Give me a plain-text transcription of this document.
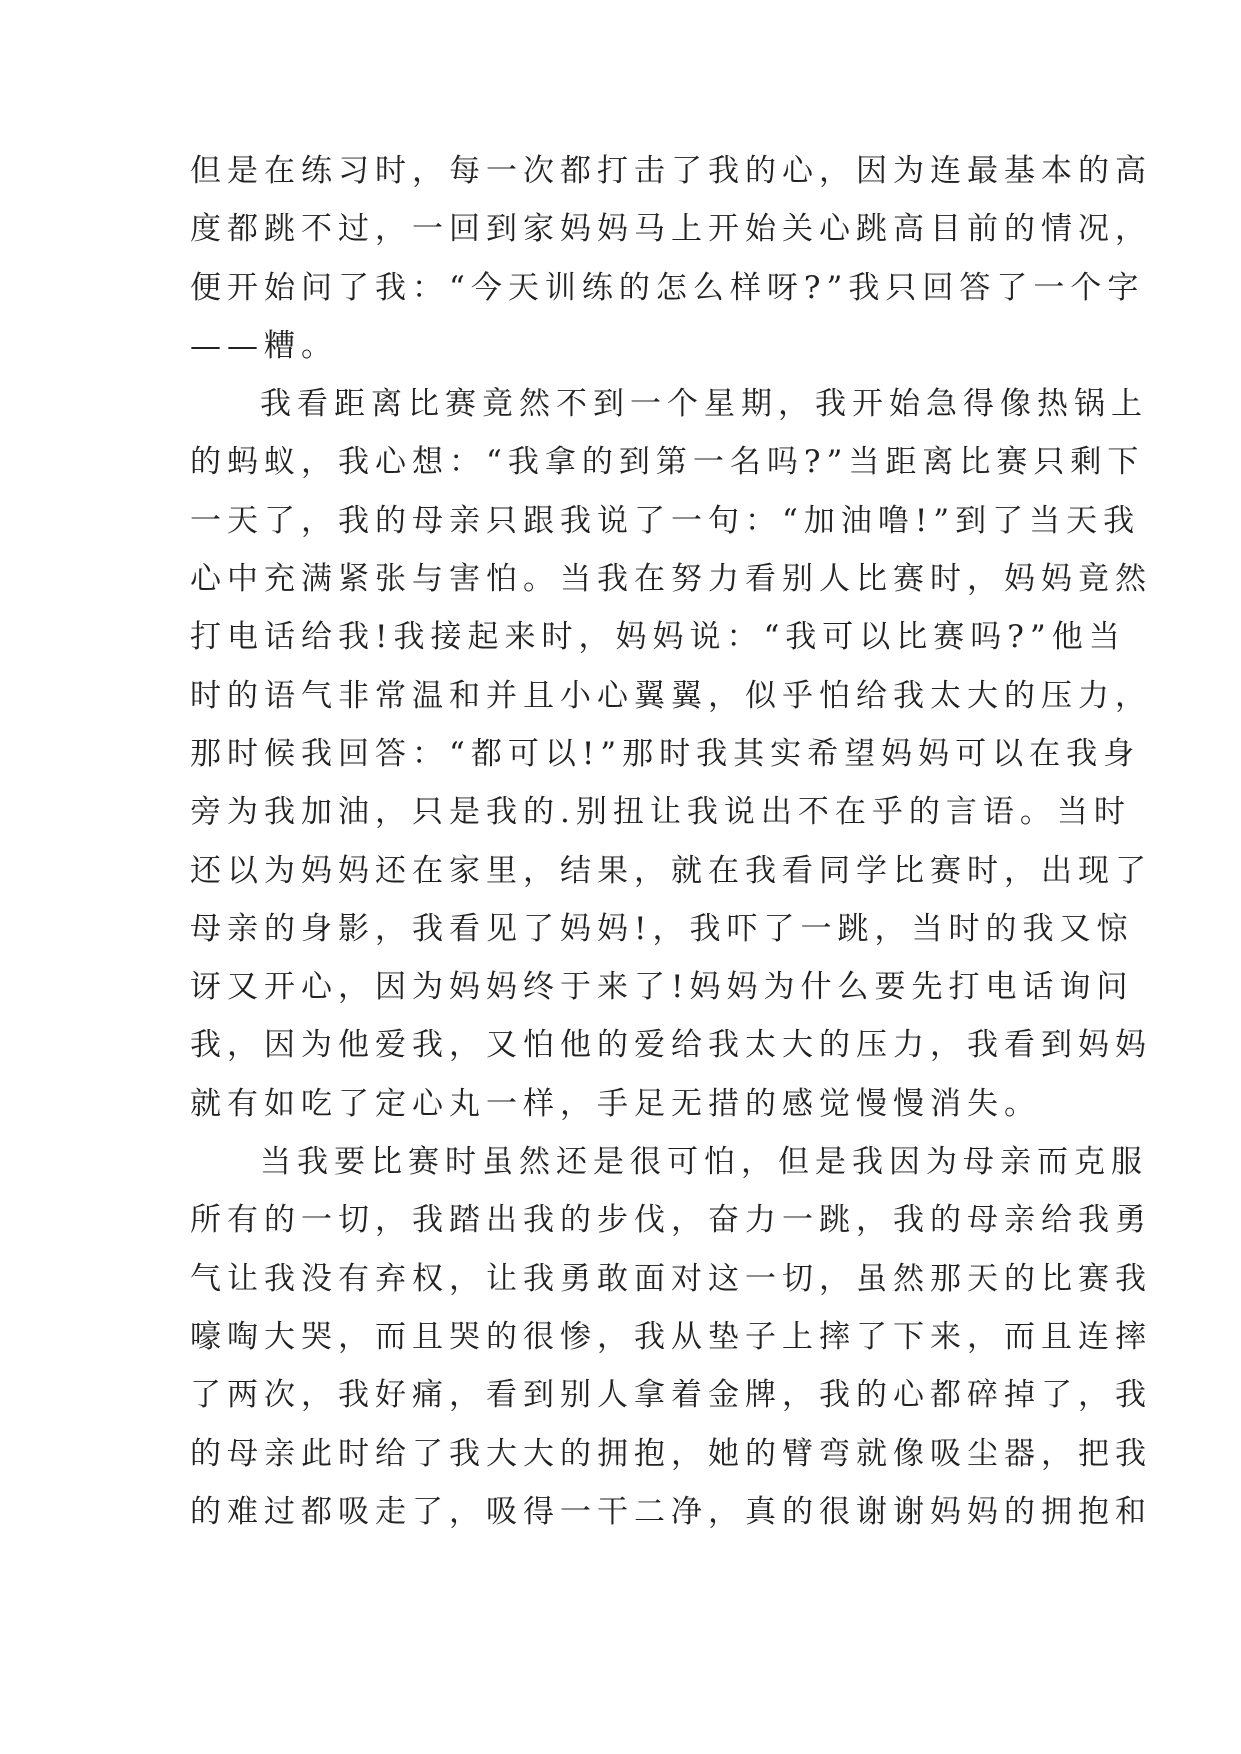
但是在练习时，每一次都打击了我的心，因为连最基本的高
度都跳不过，一回到家妈妈马上开始关心跳高目前的情况，
便开始问了我：“今天训练的怎么样呀?”我只回答了一个字
——糟。
我看距离比赛竟然不到一个星期，我开始急得像热锅上
的蚂蚁，我心想：“我拿的到第一名吗?”当距离比赛只剩下
一天了，我的母亲只跟我说了一句：“加油噜!”到了当天我
心中充满紧张与害怕。当我在努力看别人比赛时，妈妈竟然
打电话给我!我接起来时，妈妈说：“我可以比赛吗?”他当
时的语气非常温和并且小心翼翼，似乎怕给我太大的压力，
那时候我回答：“都可以!”那时我其实希望妈妈可以在我身
旁为我加油，只是我的.别扭让我说出不在乎的言语。当时
还以为妈妈还在家里，结果，就在我看同学比赛时，出现了
母亲的身影，我看见了妈妈!，我吓了一跳，当时的我又惊
讶又开心，因为妈妈终于来了!妈妈为什么要先打电话询问
我，因为他爱我，又怕他的爱给我太大的压力，我看到妈妈
就有如吃了定心丸一样，手足无措的感觉慢慢消失。
当我要比赛时虽然还是很可怕，但是我因为母亲而克服
所有的一切，我踏出我的步伐，奋力一跳，我的母亲给我勇
气让我没有弃权，让我勇敢面对这一切，虽然那天的比赛我
嚎啕大哭，而且哭的很惨，我从垫子上摔了下来，而且连摔
了两次，我好痛，看到别人拿着金牌，我的心都碎掉了，我
的母亲此时给了我大大的拥抱，她的臂弯就像吸尘器，把我
的难过都吸走了，吸得一干二净，真的很谢谢妈妈的拥抱和
